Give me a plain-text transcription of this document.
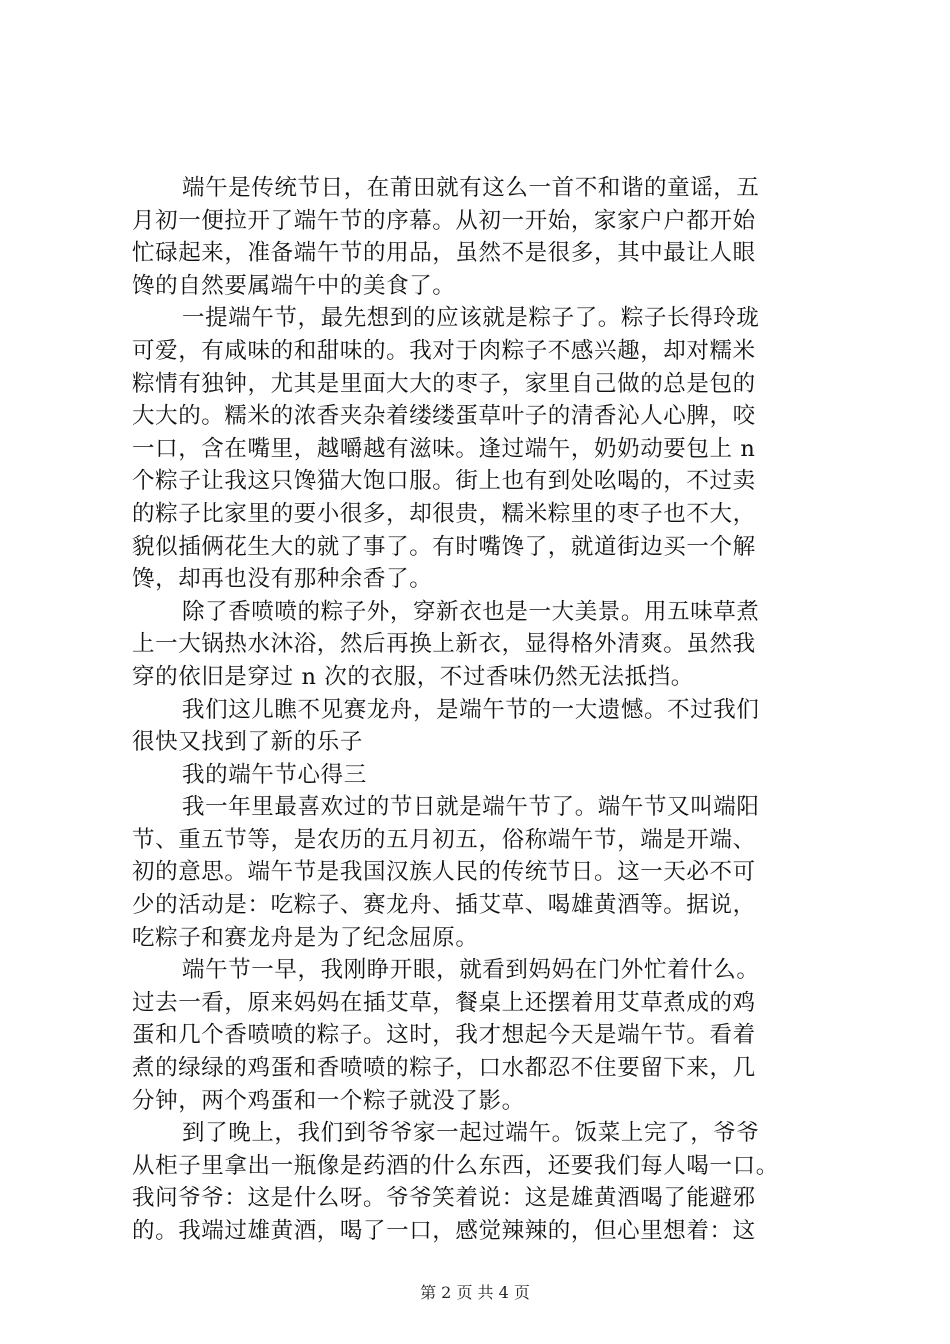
端午是传统节日，在莆田就有这么一首不和谐的童谣，五
月初一便拉开了端午节的序幕。从初一开始，家家户户都开始
忙碌起来，准备端午节的用品，虽然不是很多，其中最让人眼
馋的自然要属端午中的美食了。
一提端午节，最先想到的应该就是粽子了。粽子长得玲珑
可爱，有咸味的和甜味的。我对于肉粽子不感兴趣，却对糯米
粽情有独钟，尤其是里面大大的枣子，家里自己做的总是包的
大大的。糯米的浓香夹杂着缕缕蛋草叶子的清香沁人心脾，咬
一口，含在嘴里，越嚼越有滋味。逢过端午，奶奶动要包上 n
个粽子让我这只馋猫大饱口服。街上也有到处吆喝的，不过卖
的粽子比家里的要小很多，却很贵，糯米粽里的枣子也不大，
貌似插俩花生大的就了事了。有时嘴馋了，就道街边买一个解
馋，却再也没有那种余香了。
除了香喷喷的粽子外，穿新衣也是一大美景。用五味草煮
上一大锅热水沐浴，然后再换上新衣，显得格外清爽。虽然我
穿的依旧是穿过 n 次的衣服，不过香味仍然无法抵挡。
我们这儿瞧不见赛龙舟，是端午节的一大遗憾。不过我们
很快又找到了新的乐子
我的端午节心得三
我一年里最喜欢过的节日就是端午节了。端午节又叫端阳
节、重五节等，是农历的五月初五，俗称端午节，端是开端、
初的意思。端午节是我国汉族人民的传统节日。这一天必不可
少的活动是：吃粽子、赛龙舟、插艾草、喝雄黄酒等。据说，
吃粽子和赛龙舟是为了纪念屈原。
端午节一早，我刚睁开眼，就看到妈妈在门外忙着什么。
过去一看，原来妈妈在插艾草，餐桌上还摆着用艾草煮成的鸡
蛋和几个香喷喷的粽子。这时，我才想起今天是端午节。看着
煮的绿绿的鸡蛋和香喷喷的粽子，口水都忍不住要留下来，几
分钟，两个鸡蛋和一个粽子就没了影。
到了晚上，我们到爷爷家一起过端午。饭菜上完了，爷爷
从柜子里拿出一瓶像是药酒的什么东西，还要我们每人喝一口。
我问爷爷：这是什么呀。爷爷笑着说：这是雄黄酒喝了能避邪
的。我端过雄黄酒，喝了一口，感觉辣辣的，但心里想着：这
第 2 页 共 4 页
